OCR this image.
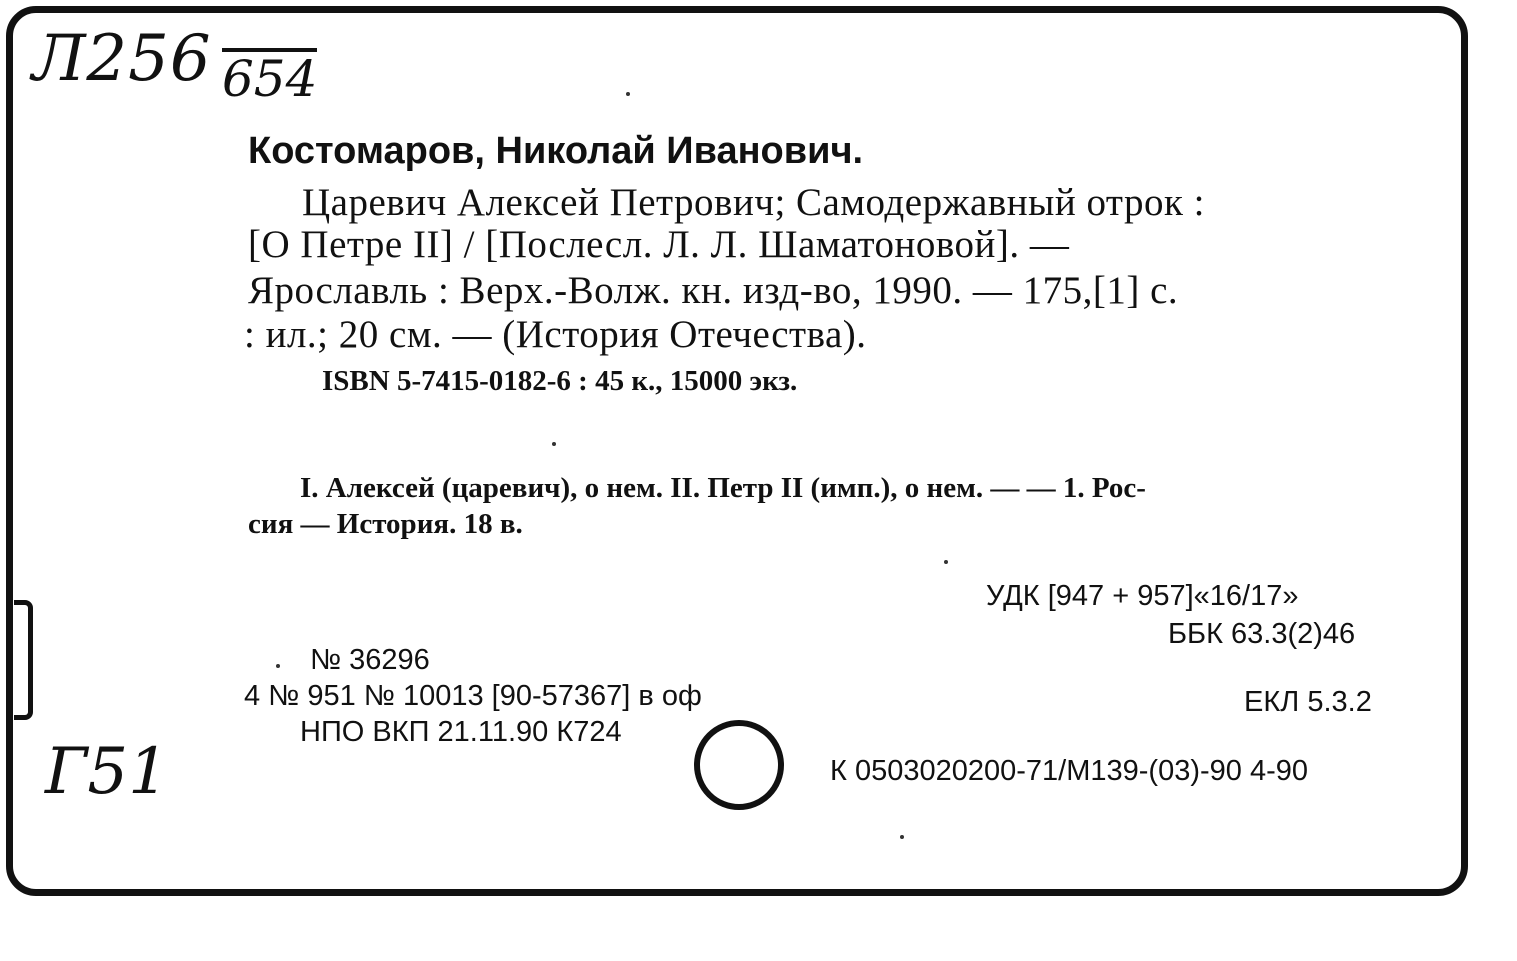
Л256 654
Г51
Костомаров, Николай Иванович.
Царевич Алексей Петрович; Самодержавный отрок :
[О Петре II] / [Послесл. Л. Л. Шаматоновой]. —
Ярославль : Верх.-Волж. кн. изд-во, 1990. — 175,[1] с.
: ил.; 20 см. — (История Отечества).
ISBN 5-7415-0182-6 : 45 к., 15000 экз.
I. Алексей (царевич), о нем. II. Петр II (имп.), о нем. — — 1. Рос-
сия — История. 18 в.
УДК [947 + 957]«16/17»
ББК 63.3(2)46
ЕКЛ 5.3.2
К 0503020200-71/М139-(03)-90 4-90
№ 36296
4 № 951 № 10013 [90-57367] в оф
НПО ВКП 21.11.90 К724
